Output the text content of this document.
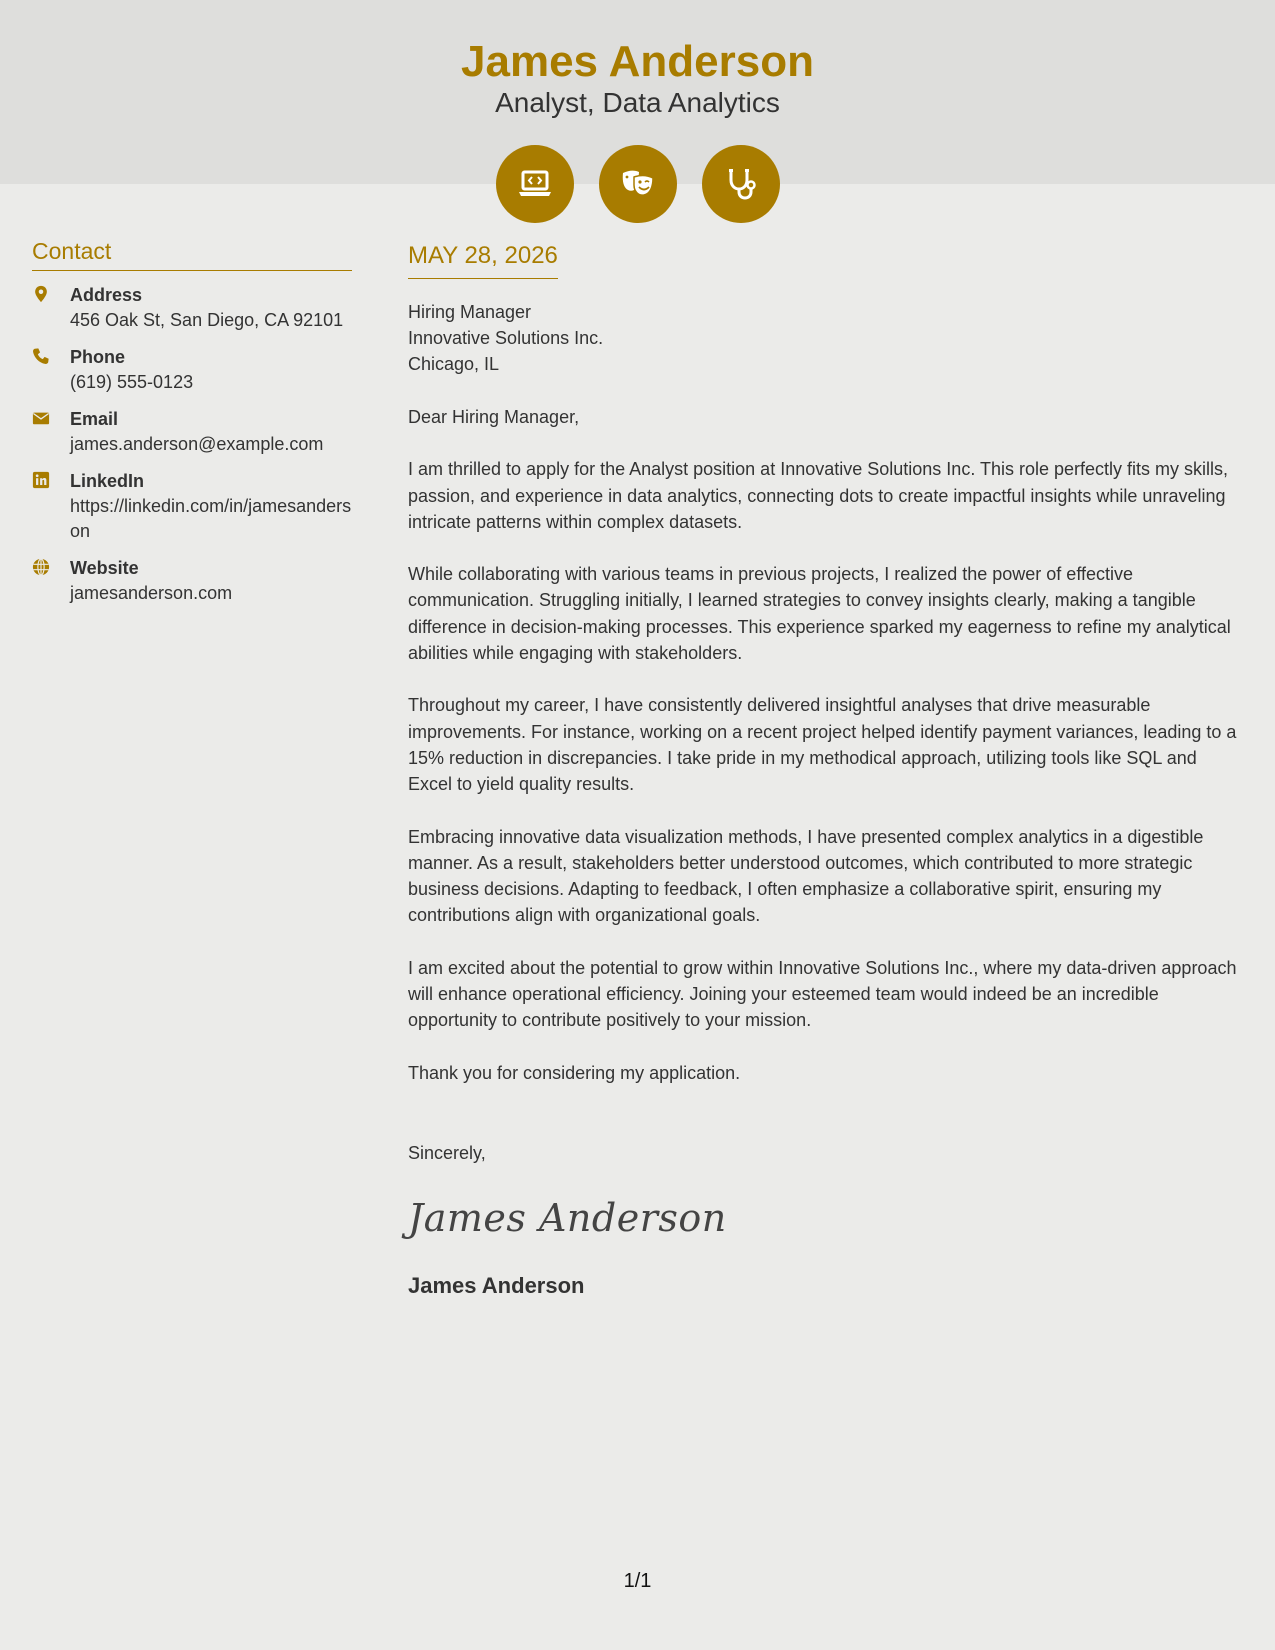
James Anderson
Analyst, Data Analytics
Contact
Address
456 Oak St, San Diego, CA 92101
Phone
(619) 555-0123
Email
james.anderson@example.com
LinkedIn
https://linkedin.com/in/jamesanderson
Website
jamesanderson.com
MAY 28, 2026
Hiring Manager
Innovative Solutions Inc.
Chicago, IL

Dear Hiring Manager,

I am thrilled to apply for the Analyst position at Innovative Solutions Inc. This role perfectly fits my skills, passion, and experience in data analytics, connecting dots to create impactful insights while unraveling intricate patterns within complex datasets.

While collaborating with various teams in previous projects, I realized the power of effective communication. Struggling initially, I learned strategies to convey insights clearly, making a tangible difference in decision-making processes. This experience sparked my eagerness to refine my analytical abilities while engaging with stakeholders.

Throughout my career, I have consistently delivered insightful analyses that drive measurable improvements. For instance, working on a recent project helped identify payment variances, leading to a 15% reduction in discrepancies. I take pride in my methodical approach, utilizing tools like SQL and Excel to yield quality results.

Embracing innovative data visualization methods, I have presented complex analytics in a digestible manner. As a result, stakeholders better understood outcomes, which contributed to more strategic business decisions. Adapting to feedback, I often emphasize a collaborative spirit, ensuring my contributions align with organizational goals.

I am excited about the potential to grow within Innovative Solutions Inc., where my data-driven approach will enhance operational efficiency. Joining your esteemed team would indeed be an incredible opportunity to contribute positively to your mission.

Thank you for considering my application.

Sincerely,

James Anderson
James Anderson
1/1
